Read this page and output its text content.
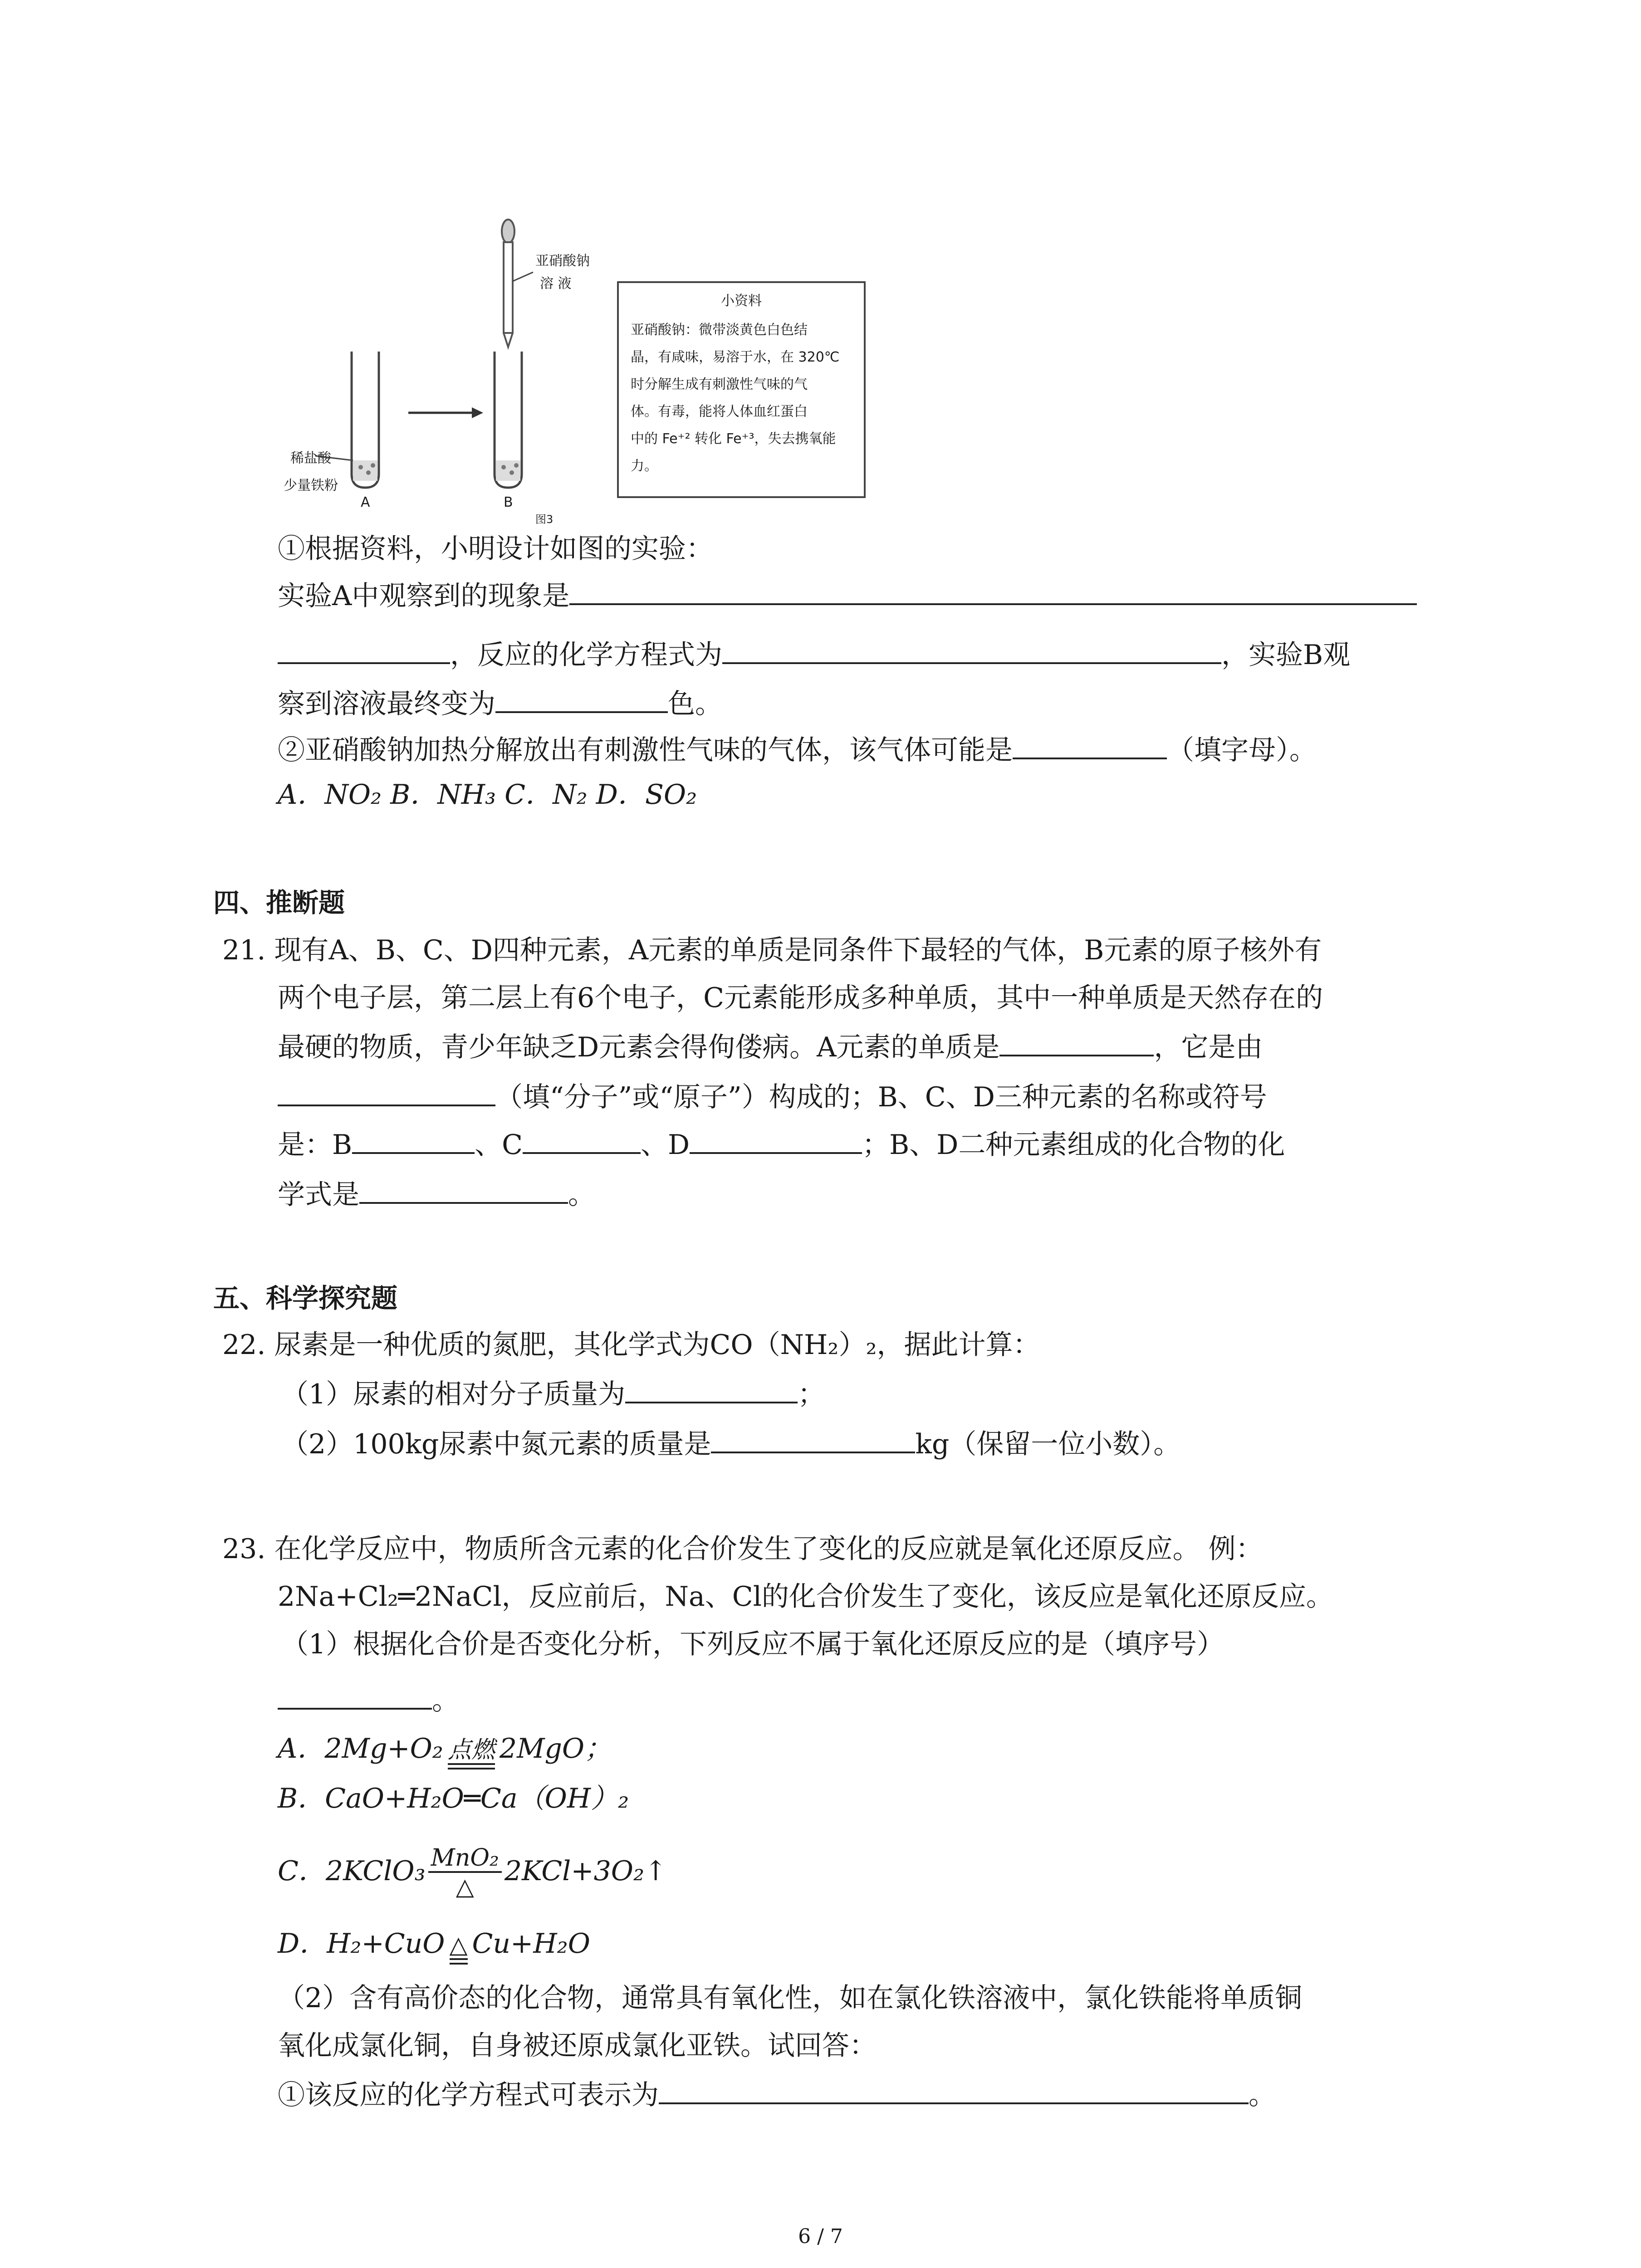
亚硝酸钠
溶 液
稀盐酸
少量铁粉
A	B
图3
小资料
亚硝酸钠：微带淡黄色白色结
晶，有咸味，易溶于水，在 320℃
时分解生成有刺激性气味的气
体。有毒，能将人体血红蛋白
中的 Fe⁺² 转化 Fe⁺³，失去携氧能
力。
①根据资料，小明设计如图的实验：
实验A中观察到的现象是
，反应的化学方程式为	，实验B观
察到溶液最终变为	色。
②亚硝酸钠加热分解放出有刺激性气味的气体，该气体可能是	（填字母）。
A．NO₂ B．NH₃ C．N₂ D．SO₂
四、推断题
21. 现有A、B、C、D四种元素，A元素的单质是同条件下最轻的气体，B元素的原子核外有
两个电子层，第二层上有6个电子，C元素能形成多种单质，其中一种单质是天然存在的
最硬的物质，青少年缺乏D元素会得佝偻病。A元素的单质是	，它是由
（填“分子”或“原子”）构成的；B、C、D三种元素的名称或符号
是：B	、C	、D	；B、D二种元素组成的化合物的化
学式是	。
五、科学探究题
22. 尿素是一种优质的氮肥，其化学式为CO（NH₂）₂，据此计算：
（1）尿素的相对分子质量为	；
（2）100kg尿素中氮元素的质量是	kg（保留一位小数）。
23. 在化学反应中，物质所含元素的化合价发生了变化的反应就是氧化还原反应。 例：
2Na+Cl₂═2NaCl，反应前后，Na、Cl的化合价发生了变化，该反应是氧化还原反应。
（1）根据化合价是否变化分析，下列反应不属于氧化还原反应的是（填序号）
。
A．2Mg+O₂ 点燃 2MgO；
B．CaO+H₂O═Ca（OH）₂
C．2KClO₃ $\frac{\text{MnO₂}}{\triangle}$ 2KCl+3O₂↑
D．H₂+CuO △ Cu+H₂O
（2）含有高价态的化合物，通常具有氧化性，如在氯化铁溶液中，氯化铁能将单质铜
氧化成氯化铜，自身被还原成氯化亚铁。试回答：
①该反应的化学方程式可表示为	。
6 / 7
